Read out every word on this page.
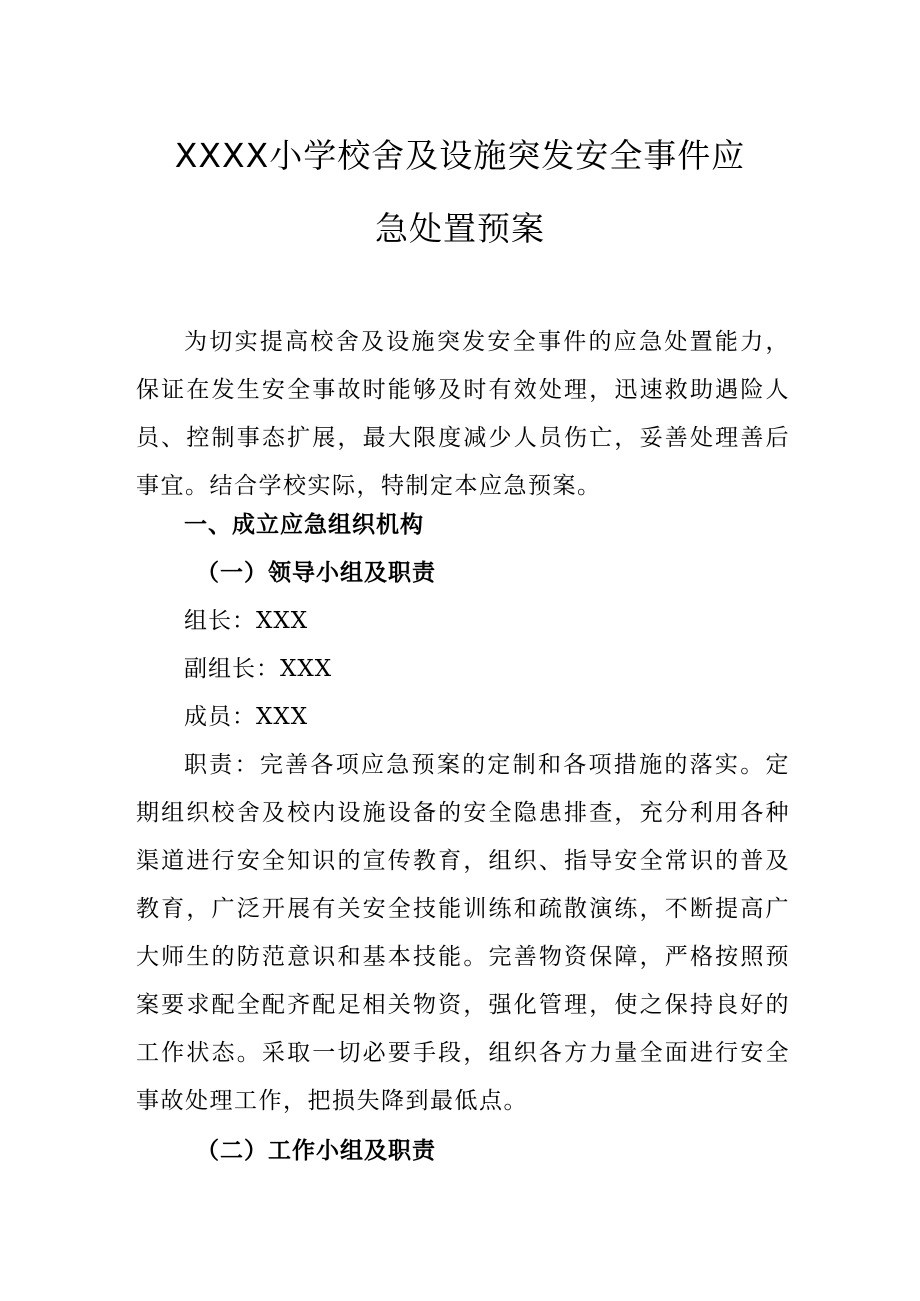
XXXX小学校舍及设施突发安全事件应
急处置预案
为切实提高校舍及设施突发安全事件的应急处置能力，保证在发生安全事故时能够及时有效处理，迅速救助遇险人员、控制事态扩展，最大限度减少人员伤亡，妥善处理善后事宜。结合学校实际，特制定本应急预案。
一、成立应急组织机构
（一）领导小组及职责
组长：XXX
副组长：XXX
成员：XXX
职责：完善各项应急预案的定制和各项措施的落实。定期组织校舍及校内设施设备的安全隐患排查，充分利用各种渠道进行安全知识的宣传教育，组织、指导安全常识的普及教育，广泛开展有关安全技能训练和疏散演练，不断提高广大师生的防范意识和基本技能。完善物资保障，严格按照预案要求配全配齐配足相关物资，强化管理，使之保持良好的工作状态。采取一切必要手段，组织各方力量全面进行安全事故处理工作，把损失降到最低点。
（二）工作小组及职责
